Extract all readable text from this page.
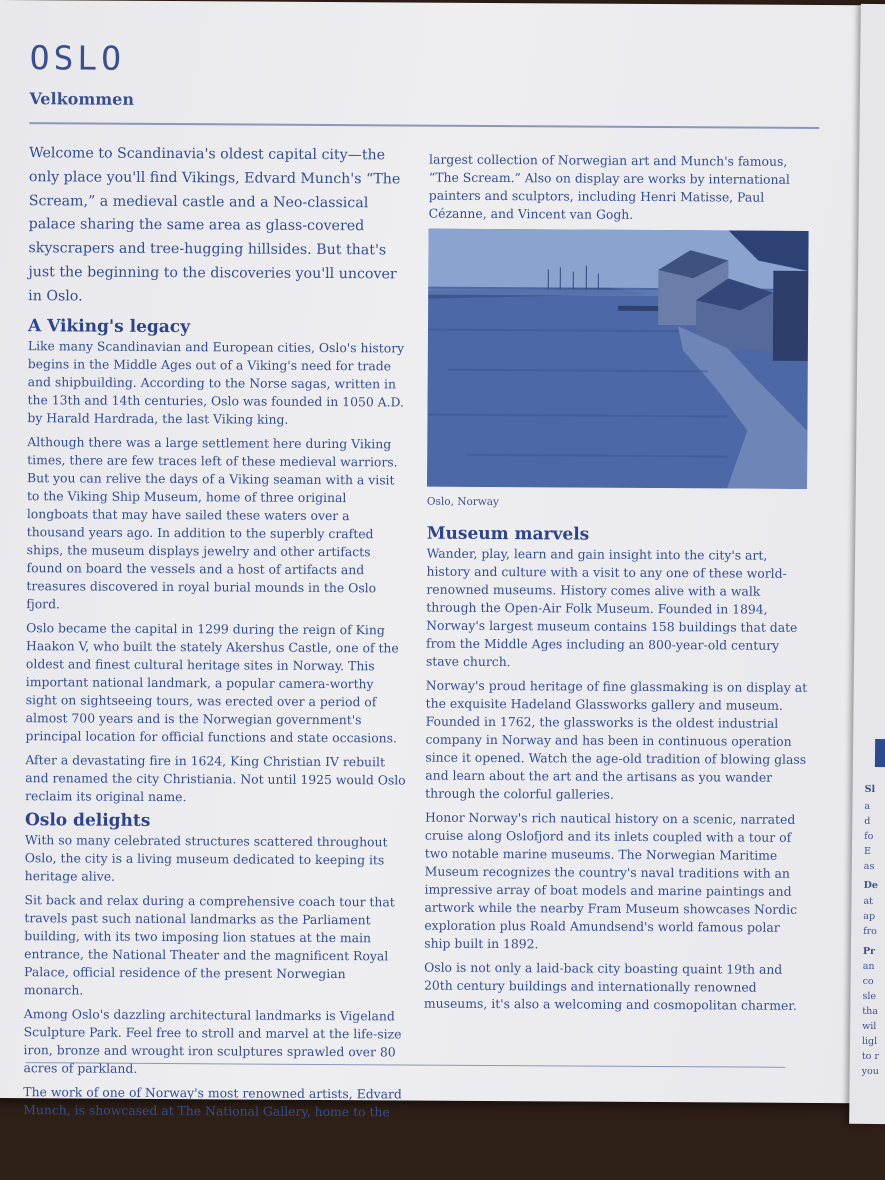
OSLO
Velkommen

Welcome to Scandinavia's oldest capital city—the only place you'll find Vikings, Edvard Munch's “The Scream,” a medieval castle and a Neo-classical palace sharing the same area as glass-covered skyscrapers and tree-hugging hillsides. But that's just the beginning to the discoveries you'll uncover in Oslo.

A Viking's legacy

Like many Scandinavian and European cities, Oslo's history begins in the Middle Ages out of a Viking's need for trade and shipbuilding. According to the Norse sagas, written in the 13th and 14th centuries, Oslo was founded in 1050 A.D. by Harald Hardrada, the last Viking king.

Although there was a large settlement here during Viking times, there are few traces left of these medieval warriors. But you can relive the days of a Viking seaman with a visit to the Viking Ship Museum, home of three original longboats that may have sailed these waters over a thousand years ago. In addition to the superbly crafted ships, the museum displays jewelry and other artifacts found on board the vessels and a host of artifacts and treasures discovered in royal burial mounds in the Oslo fjord.

Oslo became the capital in 1299 during the reign of King Haakon V, who built the stately Akershus Castle, one of the oldest and finest cultural heritage sites in Norway. This important national landmark, a popular camera-worthy sight on sightseeing tours, was erected over a period of almost 700 years and is the Norwegian government's principal location for official functions and state occasions.

After a devastating fire in 1624, King Christian IV rebuilt and renamed the city Christiania. Not until 1925 would Oslo reclaim its original name.

Oslo delights

With so many celebrated structures scattered throughout Oslo, the city is a living museum dedicated to keeping its heritage alive.

Sit back and relax during a comprehensive coach tour that travels past such national landmarks as the Parliament building, with its two imposing lion statues at the main entrance, the National Theater and the magnificent Royal Palace, official residence of the present Norwegian monarch.

Among Oslo's dazzling architectural landmarks is Vigeland Sculpture Park. Feel free to stroll and marvel at the life-size iron, bronze and wrought iron sculptures sprawled over 80 acres of parkland.

The work of one of Norway's most renowned artists, Edvard Munch, is showcased at The National Gallery, home to the

largest collection of Norwegian art and Munch's famous, “The Scream.” Also on display are works by international painters and sculptors, including Henri Matisse, Paul Cézanne, and Vincent van Gogh.

Oslo, Norway

Museum marvels

Wander, play, learn and gain insight into the city's art, history and culture with a visit to any one of these world-renowned museums. History comes alive with a walk through the Open-Air Folk Museum. Founded in 1894, Norway's largest museum contains 158 buildings that date from the Middle Ages including an 800-year-old century stave church.

Norway's proud heritage of fine glassmaking is on display at the exquisite Hadeland Glassworks gallery and museum. Founded in 1762, the glassworks is the oldest industrial company in Norway and has been in continuous operation since it opened. Watch the age-old tradition of blowing glass and learn about the art and the artisans as you wander through the colorful galleries.

Honor Norway's rich nautical history on a scenic, narrated cruise along Oslofjord and its inlets coupled with a tour of two notable marine museums. The Norwegian Maritime Museum recognizes the country's naval traditions with an impressive array of boat models and marine paintings and artwork while the nearby Fram Museum showcases Nordic exploration plus Roald Amundsend's world famous polar ship built in 1892.

Oslo is not only a laid-back city boasting quaint 19th and 20th century buildings and internationally renowned museums, it's also a welcoming and cosmopolitan charmer.

Sl
a
d
fo
E
as
De
at
ap
fro
Pr
an
co
sle
tha
wil
ligl
to r
you
